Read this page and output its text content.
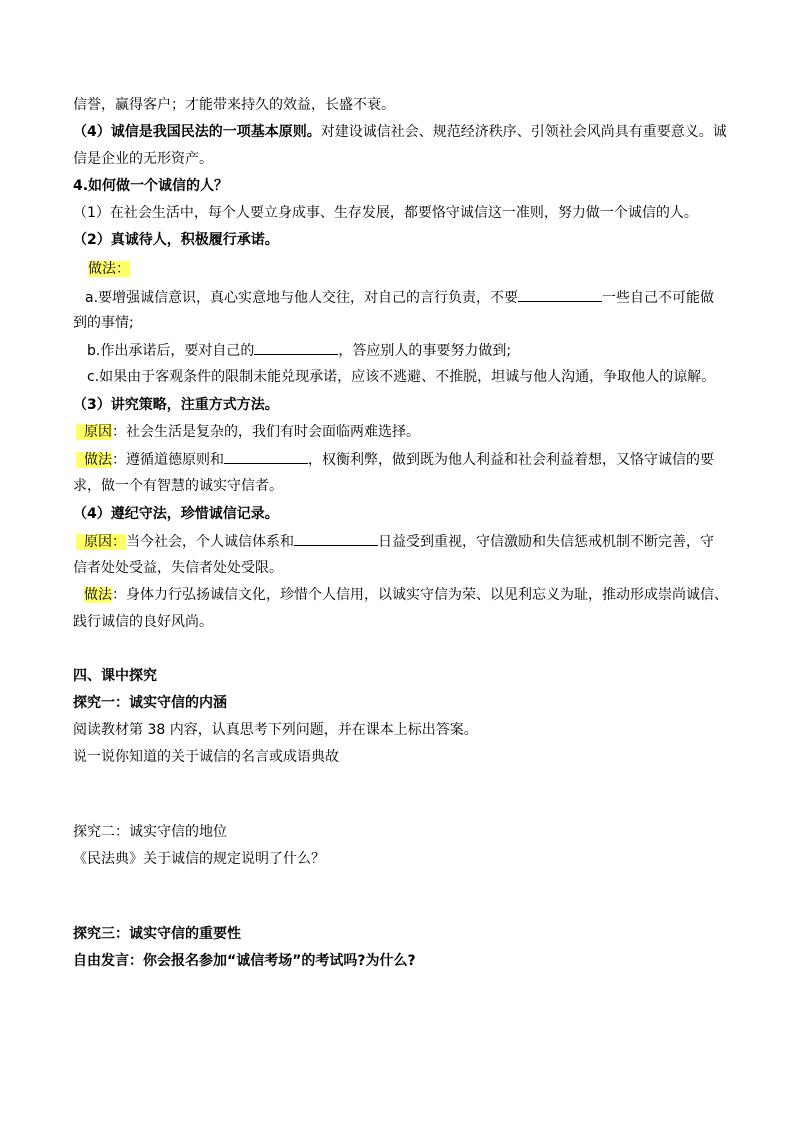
信誉，赢得客户；才能带来持久的效益，长盛不衰。
（4）诚信是我国民法的一项基本原则。对建设诚信社会、规范经济秩序、引领社会风尚具有重要意义。诚
信是企业的无形资产。
4.如何做一个诚信的人？
（1）在社会生活中，每个人要立身成事、生存发展，都要恪守诚信这一准则，努力做一个诚信的人。
（2）真诚待人，积极履行承诺。
做法：
a.要增强诚信意识，真心实意地与他人交往，对自己的言行负责，不要	一些自己不可能做
到的事情;
b.作出承诺后，要对自己的	，答应别人的事要努力做到;
c.如果由于客观条件的限制未能兑现承诺，应该不逃避、不推脱，坦诚与他人沟通，争取他人的谅解。
（3）讲究策略，注重方式方法。
原因：社会生活是复杂的，我们有时会面临两难选择。
做法：遵循道德原则和	，权衡利弊，做到既为他人利益和社会利益着想，又恪守诚信的要
求，做一个有智慧的诚实守信者。
（4）遵纪守法，珍惜诚信记录。
原因：当今社会，个人诚信体系和	日益受到重视，守信激励和失信惩戒机制不断完善，守
信者处处受益，失信者处处受限。
做法：身体力行弘扬诚信文化，珍惜个人信用，以诚实守信为荣、以见利忘义为耻，推动形成崇尚诚信、
践行诚信的良好风尚。
四、课中探究
探究一：诚实守信的内涵
阅读教材第 38 内容，认真思考下列问题，并在课本上标出答案。
说一说你知道的关于诚信的名言或成语典故
探究二：诚实守信的地位
《民法典》关于诚信的规定说明了什么？
探究三：诚实守信的重要性
自由发言：你会报名参加“诚信考场”的考试吗?为什么?
